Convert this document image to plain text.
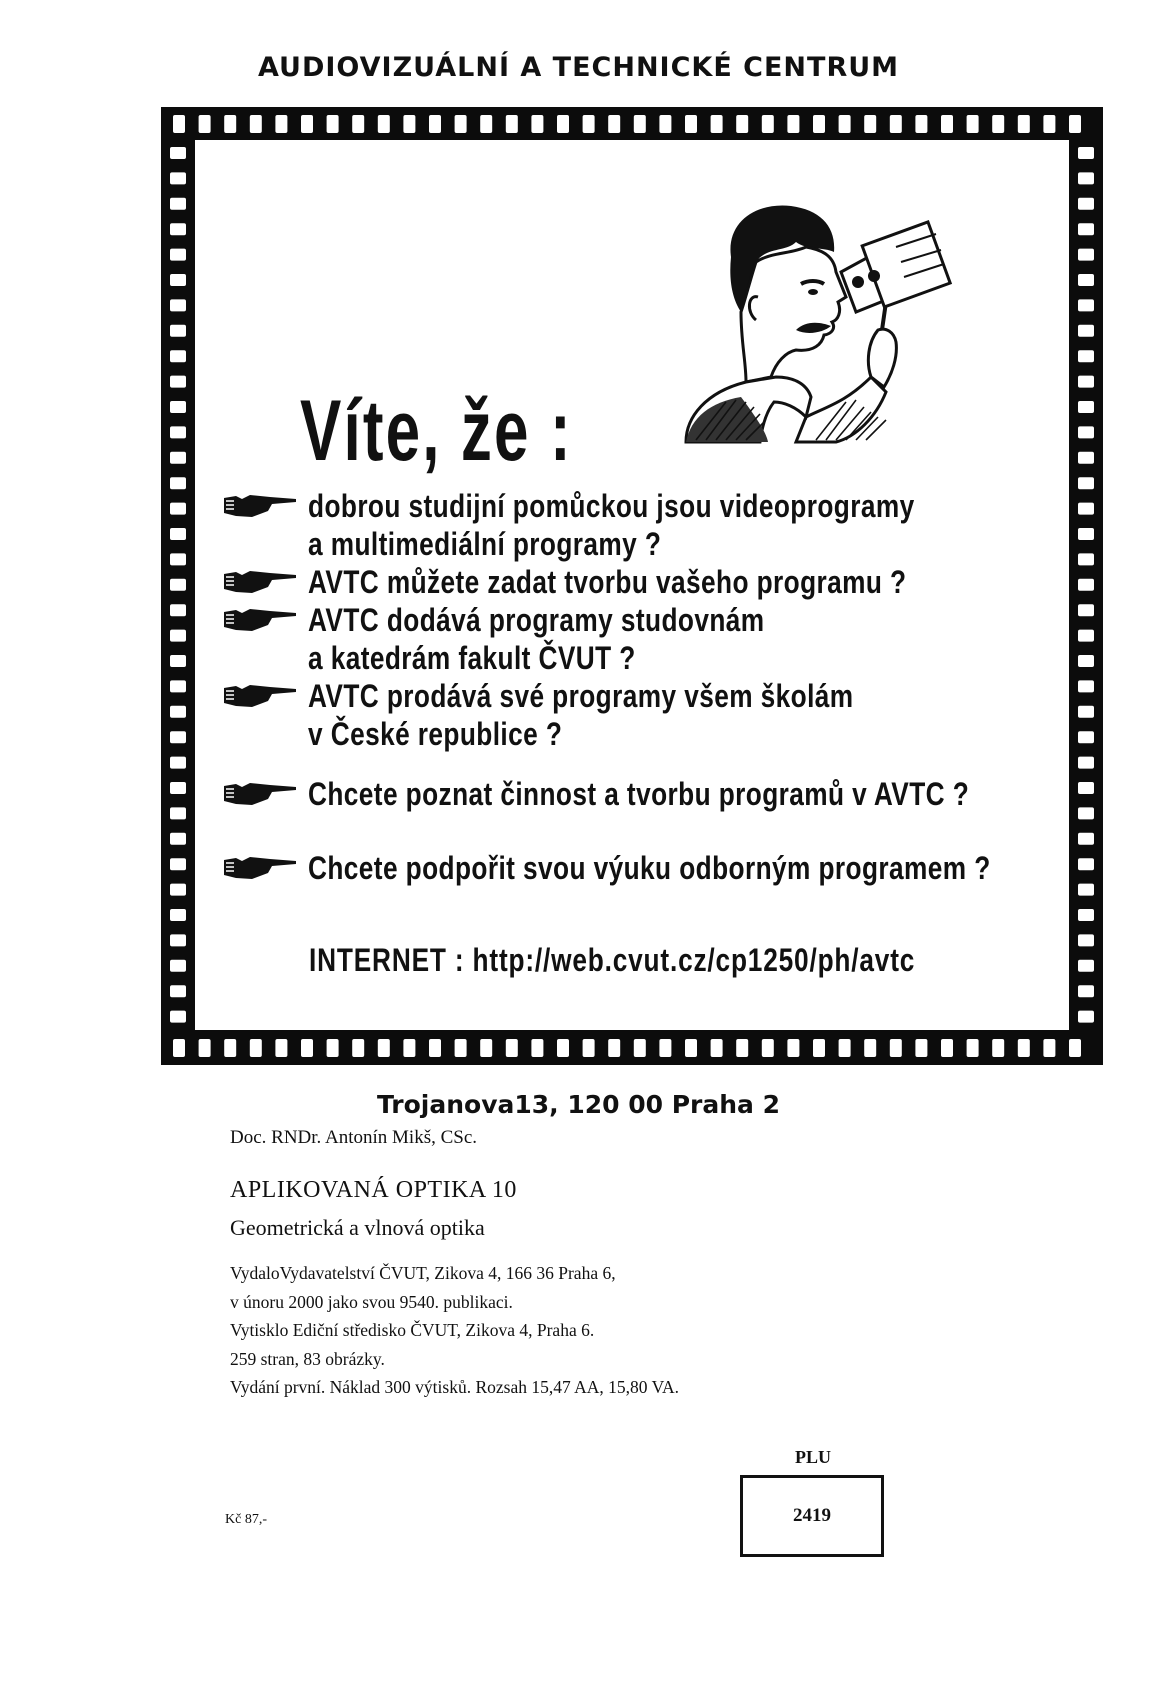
AUDIOVIZUÁLNÍ A TECHNICKÉ CENTRUM
Víte, že :
dobrou studijní pomůckou jsou videoprogramy
a multimediální programy ?
AVTC můžete zadat tvorbu vašeho programu ?
AVTC dodává programy studovnám
a katedrám fakult ČVUT ?
AVTC prodává své programy všem školám
v České republice ?
Chcete poznat činnost a tvorbu programů v AVTC ?
Chcete podpořit svou výuku odborným programem ?
INTERNET : http://web.cvut.cz/cp1250/ph/avtc
Trojanova13, 120 00 Praha 2
Doc. RNDr. Antonín Mikš, CSc.
APLIKOVANÁ OPTIKA 10
Geometrická a vlnová optika
VydaloVydavatelství ČVUT, Zikova 4, 166 36 Praha 6,
v únoru 2000 jako svou 9540. publikaci.
Vytisklo Ediční středisko ČVUT, Zikova 4, Praha 6.
259 stran, 83 obrázky.
Vydání první. Náklad 300 výtisků. Rozsah 15,47 AA, 15,80 VA.
Kč 87,-
PLU
2419
